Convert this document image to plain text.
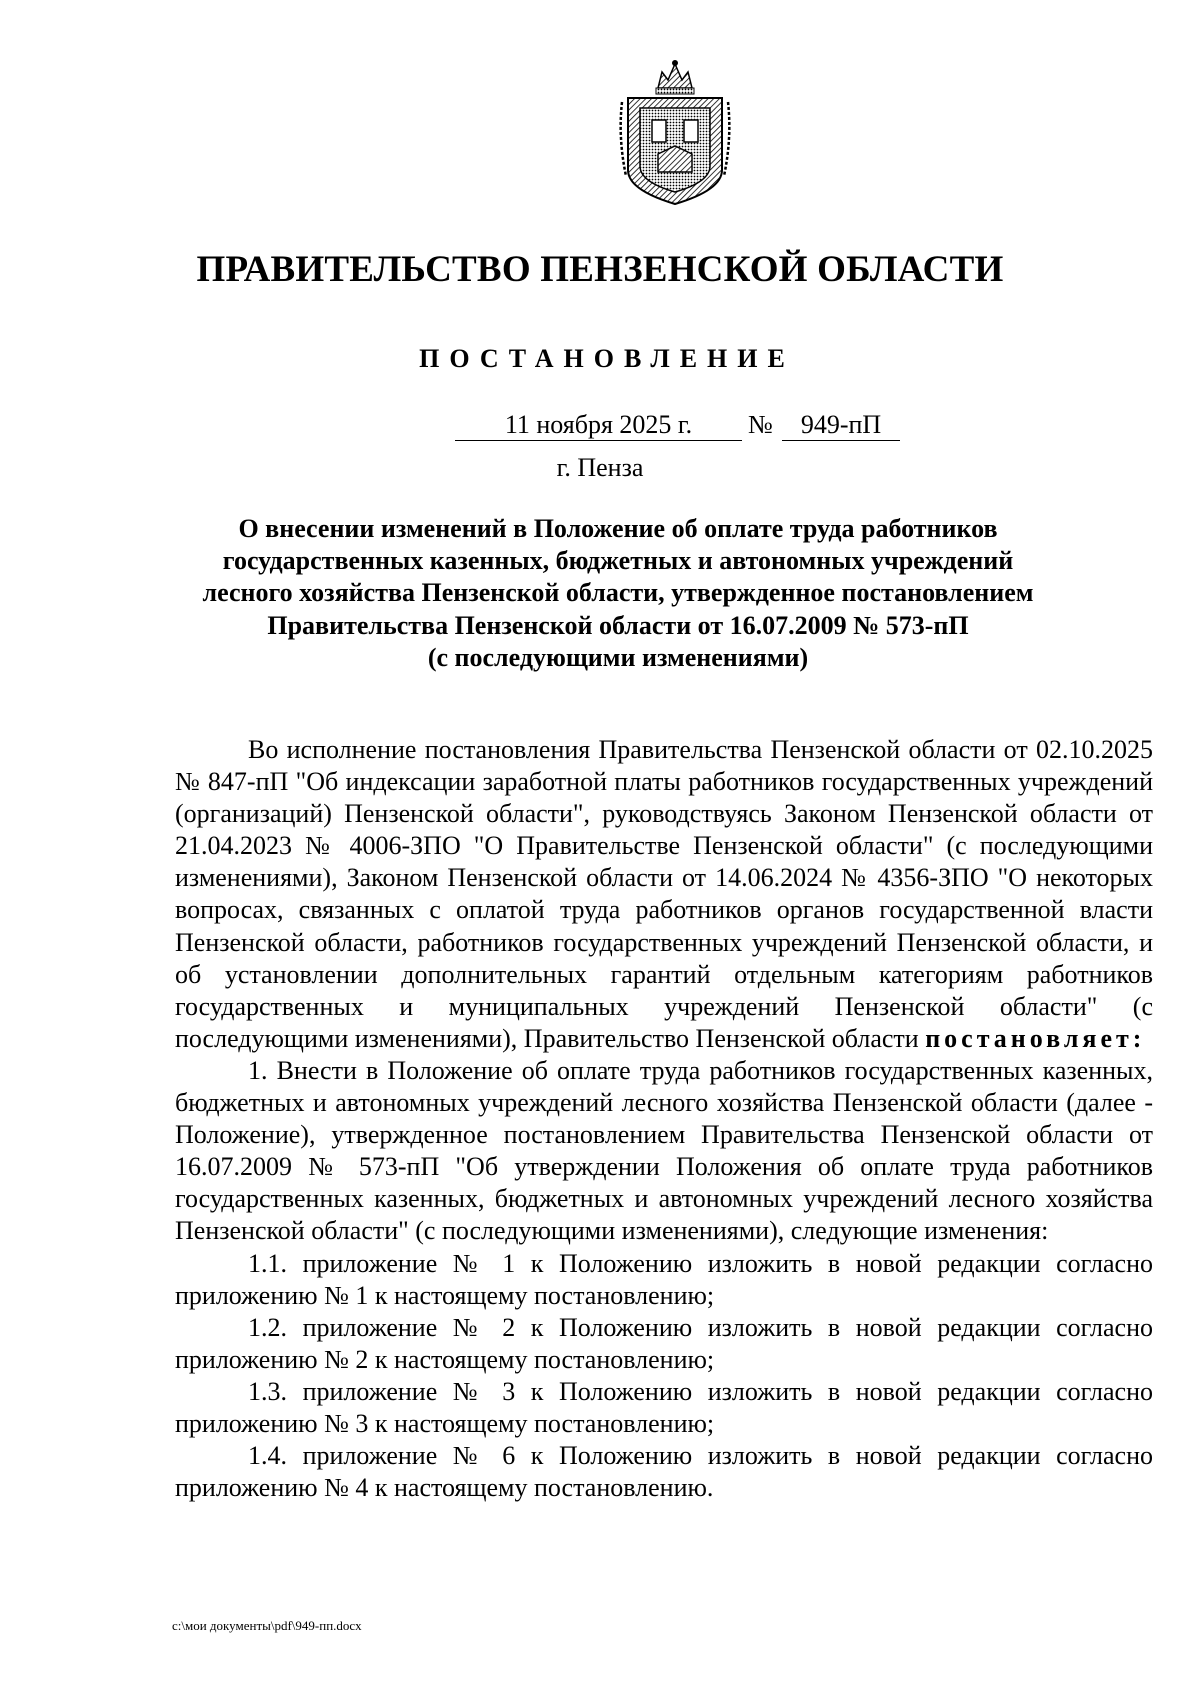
ПРАВИТЕЛЬСТВО ПЕНЗЕНСКОЙ ОБЛАСТИ
ПОСТАНОВЛЕНИЕ
11 ноября 2025 г.	№	949-пП
г. Пенза
О внесении изменений в Положение об оплате труда работников
государственных казенных, бюджетных и автономных учреждений
лесного хозяйства Пензенской области, утвержденное постановлением
Правительства Пензенской области от 16.07.2009 № 573-пП
(с последующими изменениями)

Во исполнение постановления Правительства Пензенской области от 02.10.2025 № 847-пП "Об индексации заработной платы работников государственных учреждений (организаций) Пензенской области", руководствуясь Законом Пензенской области от 21.04.2023 № 4006-ЗПО "О Правительстве Пензенской области" (с последующими изменениями), Законом Пензенской области от 14.06.2024 № 4356-ЗПО "О некоторых вопросах, связанных с оплатой труда работников органов государственной власти Пензенской области, работников государственных учреждений Пензенской области, и об установлении дополнительных гарантий отдельным категориям работников государственных и муниципальных учреждений Пензенской области" (с последующими изменениями), Правительство Пензенской области постановляет:

1. Внести в Положение об оплате труда работников государственных казенных, бюджетных и автономных учреждений лесного хозяйства Пензенской области (далее - Положение), утвержденное постановлением Правительства Пензенской области от 16.07.2009 № 573-пП "Об утверждении Положения об оплате труда работников государственных казенных, бюджетных и автономных учреждений лесного хозяйства Пензенской области" (с последующими изменениями), следующие изменения:

1.1. приложение № 1 к Положению изложить в новой редакции согласно приложению № 1 к настоящему постановлению;

1.2. приложение № 2 к Положению изложить в новой редакции согласно приложению № 2 к настоящему постановлению;

1.3. приложение № 3 к Положению изложить в новой редакции согласно приложению № 3 к настоящему постановлению;

1.4. приложение № 6 к Положению изложить в новой редакции согласно приложению № 4 к настоящему постановлению.

c:\мои документы\pdf\949-пп.docx
